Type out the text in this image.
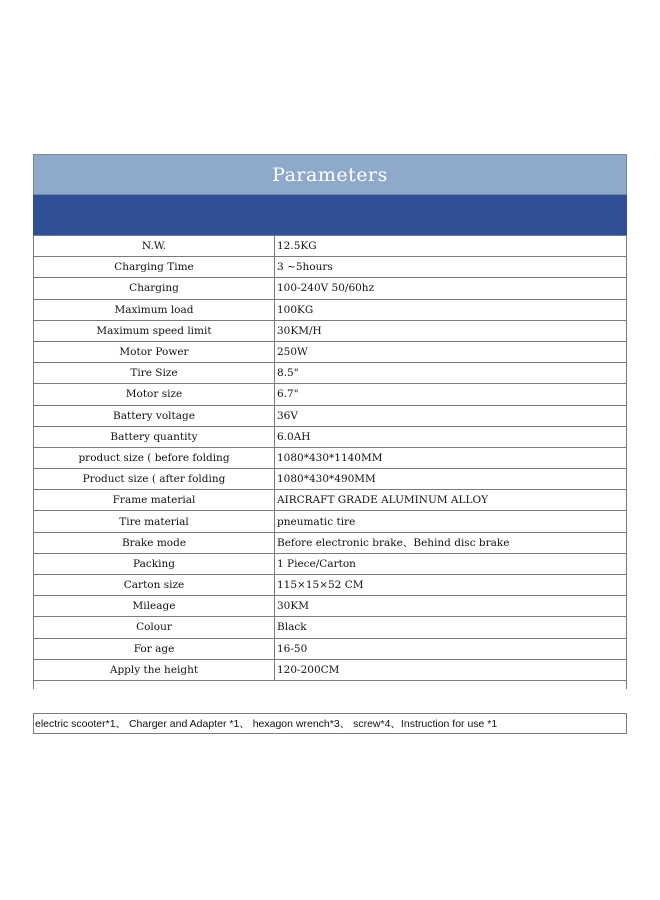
Parameters
N.W.	12.5KG
Charging Time	3 ~5hours
Charging	100-240V 50/60hz
Maximum load	100KG
Maximum speed limit	30KM/H
Motor Power	250W
Tire Size	8.5"
Motor size	6.7"
Battery voltage	36V
Battery quantity	6.0AH
product size ( before folding	1080*430*1140MM
Product size ( after folding	1080*430*490MM
Frame material	AIRCRAFT GRADE ALUMINUM ALLOY
Tire material	pneumatic tire
Brake mode	Before electronic brake、Behind disc brake
Packing	1 Piece/Carton
Carton size	115×15×52 CM
Mileage	30KM
Colour	Black
For age	16-50
Apply the height	120-200CM
electric scooter*1、 Charger and Adapter *1、 hexagon wrench*3、 screw*4、Instruction for use *1
